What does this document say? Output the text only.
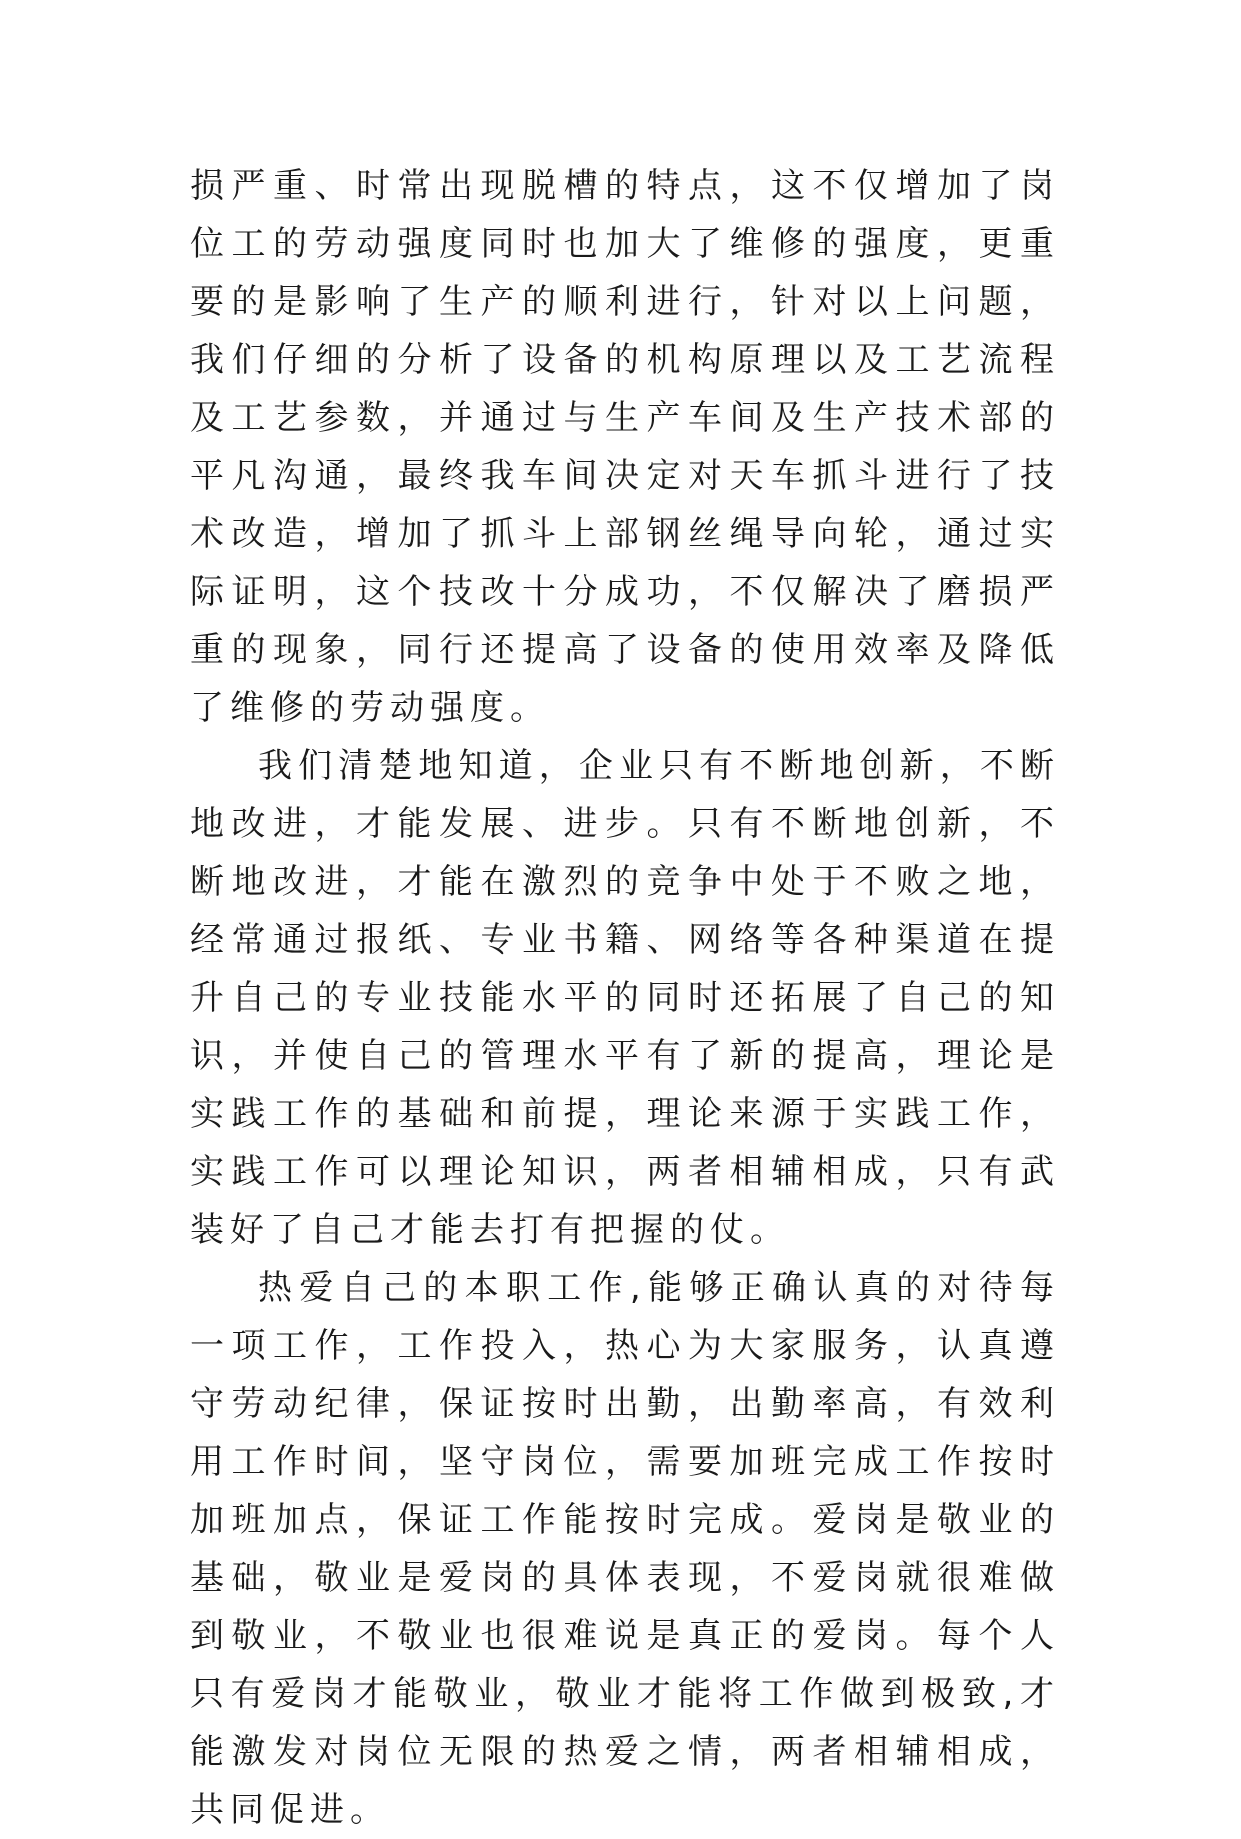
损严重、时常出现脱槽的特点，这不仅增加了岗位工的劳动强度同时也加大了维修的强度，更重要的是影响了生产的顺利进行，针对以上问题，我们仔细的分析了设备的机构原理以及工艺流程及工艺参数，并通过与生产车间及生产技术部的平凡沟通，最终我车间决定对天车抓斗进行了技术改造，增加了抓斗上部钢丝绳导向轮，通过实际证明，这个技改十分成功，不仅解决了磨损严重的现象，同行还提高了设备的使用效率及降低了维修的劳动强度。

我们清楚地知道，企业只有不断地创新，不断地改进，才能发展、进步。只有不断地创新，不断地改进，才能在激烈的竞争中处于不败之地，经常通过报纸、专业书籍、网络等各种渠道在提升自己的专业技能水平的同时还拓展了自己的知识，并使自己的管理水平有了新的提高，理论是实践工作的基础和前提，理论来源于实践工作，实践工作可以理论知识，两者相辅相成，只有武装好了自己才能去打有把握的仗。

热爱自己的本职工作,能够正确认真的对待每一项工作，工作投入，热心为大家服务，认真遵守劳动纪律，保证按时出勤，出勤率高，有效利用工作时间，坚守岗位，需要加班完成工作按时加班加点，保证工作能按时完成。爱岗是敬业的基础，敬业是爱岗的具体表现，不爱岗就很难做到敬业，不敬业也很难说是真正的爱岗。每个人只有爱岗才能敬业，敬业才能将工作做到极致,才能激发对岗位无限的热爱之情，两者相辅相成，共同促进。
